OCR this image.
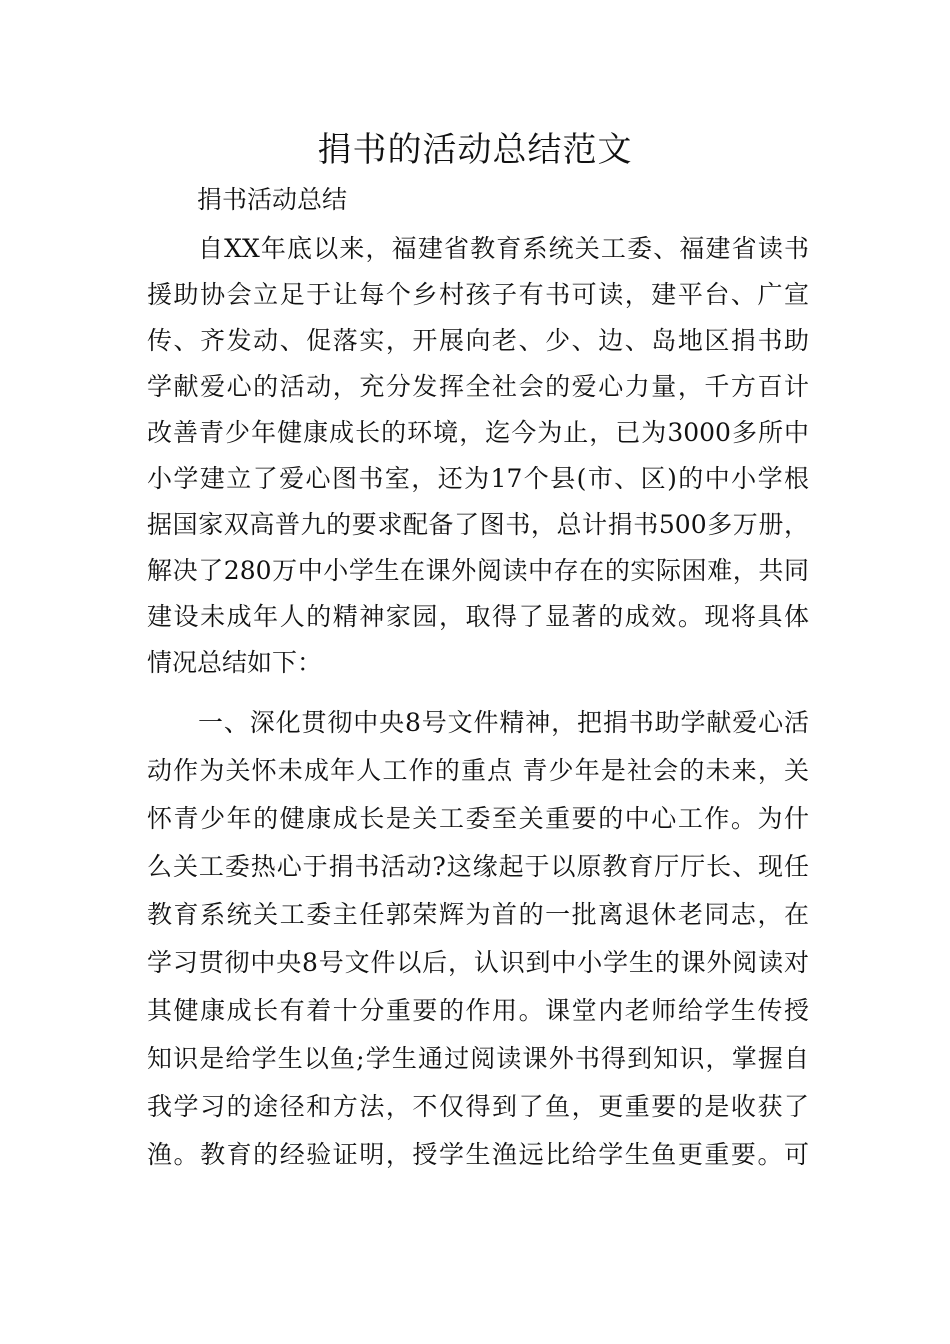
捐书的活动总结范文

捐书活动总结

自XX年底以来，福建省教育系统关工委、福建省读书

援助协会立足于让每个乡村孩子有书可读，建平台、广宣

传、齐发动、促落实，开展向老、少、边、岛地区捐书助

学献爱心的活动，充分发挥全社会的爱心力量，千方百计

改善青少年健康成长的环境，迄今为止，已为3000多所中

小学建立了爱心图书室，还为17个县(市、区)的中小学根

据国家双高普九的要求配备了图书，总计捐书500多万册，

解决了280万中小学生在课外阅读中存在的实际困难，共同

建设未成年人的精神家园，取得了显著的成效。现将具体

情况总结如下：

一、深化贯彻中央8号文件精神，把捐书助学献爱心活

动作为关怀未成年人工作的重点 青少年是社会的未来，关

怀青少年的健康成长是关工委至关重要的中心工作。为什

么关工委热心于捐书活动?这缘起于以原教育厅厅长、现任

教育系统关工委主任郭荣辉为首的一批离退休老同志，在

学习贯彻中央8号文件以后，认识到中小学生的课外阅读对

其健康成长有着十分重要的作用。课堂内老师给学生传授

知识是给学生以鱼;学生通过阅读课外书得到知识，掌握自

我学习的途径和方法，不仅得到了鱼，更重要的是收获了

渔。教育的经验证明，授学生渔远比给学生鱼更重要。可
